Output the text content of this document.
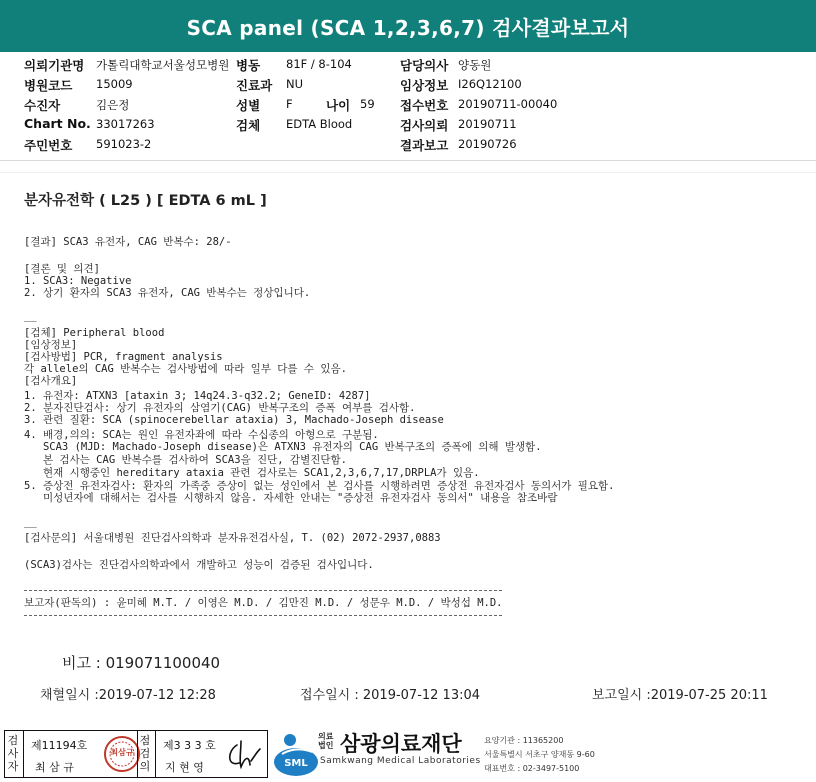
SCA panel (SCA 1,2,3,6,7) 검사결과보고서
의뢰기관명 가톨릭대학교서울성모병원 병동 81F / 8-104	담당의사 양동원
병원코드 15009	진료과 NU	임상정보 I26Q12100
수진자	김은정	성별 F	나이 59 접수번호 20190711-00040
Chart No. 33017263	검체 EDTA Blood	검사의뢰 20190711
주민번호 591023-2	결과보고 20190726
분자유전학 ( L25 ) [ EDTA 6 mL ]
[결과] SCA3 유전자, CAG 반복수: 28/-
[결론 및 의견]
1. SCA3: Negative
2. 상기 환자의 SCA3 유전자, CAG 반복수는 정상입니다.
__
[검체] Peripheral blood
[임상정보]
[검사방법] PCR, fragment analysis
각 allele의 CAG 반복수는 검사방법에 따라 일부 다를 수 있음.
[검사개요]
1. 유전자: ATXN3 [ataxin 3; 14q24.3-q32.2; GeneID: 4287]
2. 분자진단검사: 상기 유전자의 삼염기(CAG) 반복구조의 증폭 여부를 검사함.
3. 관련 질환: SCA (spinocerebellar ataxia) 3, Machado-Joseph disease
4. 배경,의의: SCA는 원인 유전자좌에 따라 수십종의 아형으로 구분됨.
SCA3 (MJD: Machado-Joseph disease)은 ATXN3 유전자의 CAG 반복구조의 증폭에 의해 발생함.
본 검사는 CAG 반복수를 검사하여 SCA3을 진단, 감별진단함.
현재 시행중인 hereditary ataxia 관련 검사로는 SCA1,2,3,6,7,17,DRPLA가 있음.
5. 증상전 유전자검사: 환자의 가족중 증상이 없는 성인에서 본 검사를 시행하려면 증상전 유전자검사 동의서가 필요함.
미성년자에 대해서는 검사를 시행하지 않음. 자세한 안내는 "증상전 유전자검사 동의서" 내용을 참조바람
__
[검사문의] 서울대병원 진단검사의학과 분자유전검사실, T. (02) 2072-2937,0883
(SCA3)검사는 진단검사의학과에서 개발하고 성능이 검증된 검사입니다.
보고자(판독의) : 윤미혜 M.T. / 이영은 M.D. / 김만진 M.D. / 성문우 M.D. / 박성섭 M.D.
비고 : 019071100040
채혈일시 :2019-07-12 12:28	접수일시 : 2019-07-12 13:04	보고일시 :2019-07-25 20:11
검사자
제11194호
최 삼 규
최삼규
점검의
제3 3 3 호
지 현 영	SML
의료
법인 삼광의료재단
Samkwang Medical Laboratories
요양기관 : 11365200
서울특별시 서초구 양재동 9-60
대표번호 : 02-3497-5100
